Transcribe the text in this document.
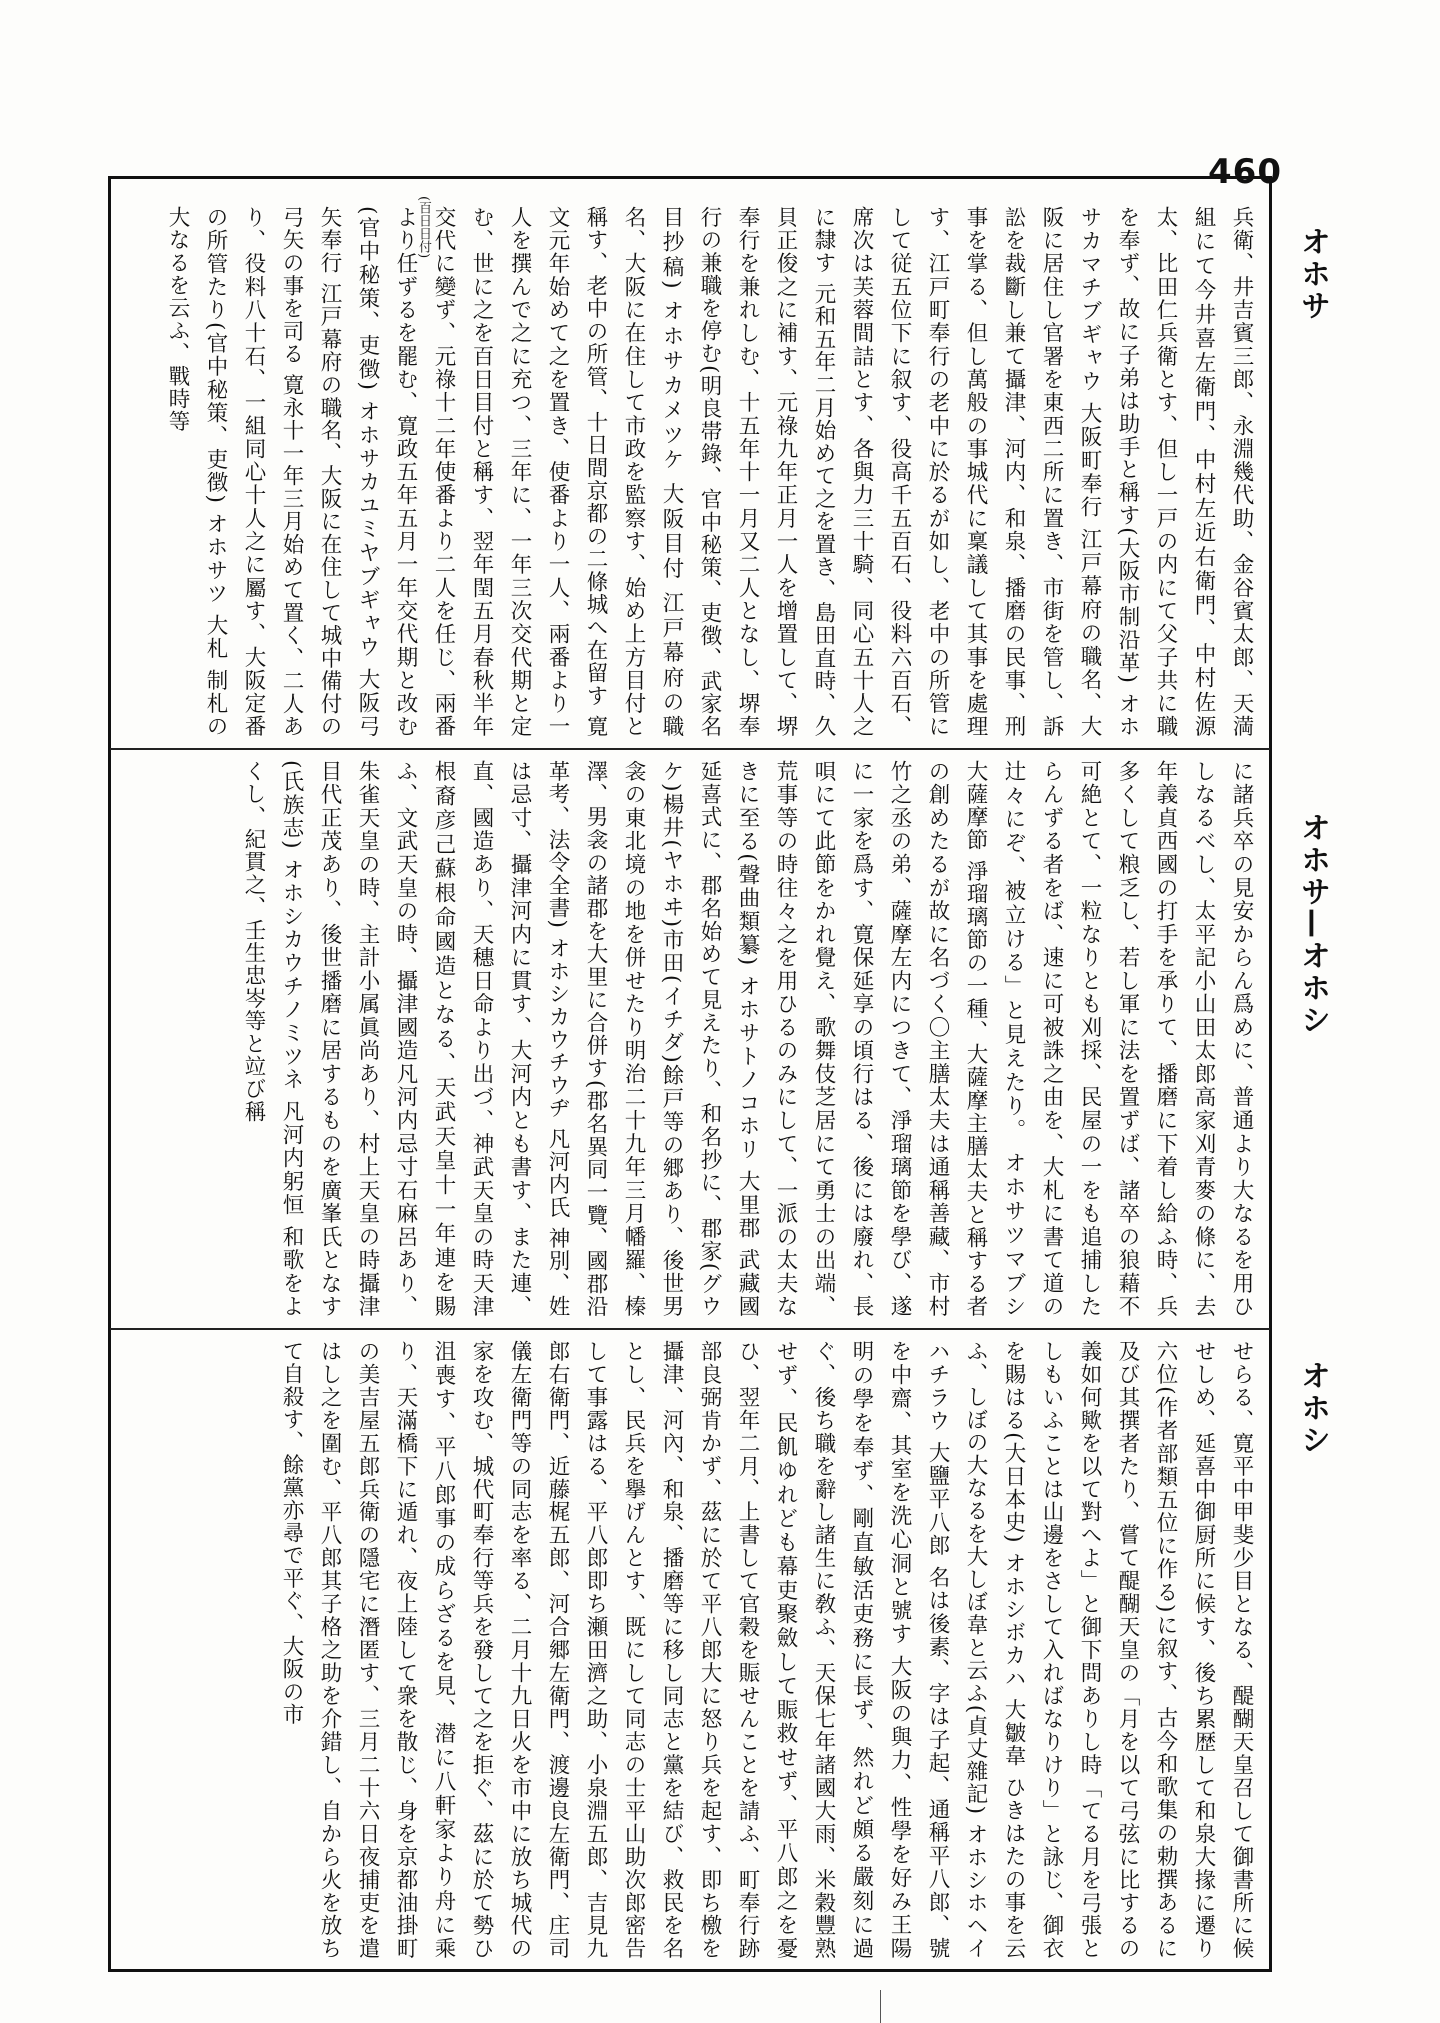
460
(百日日付)	オホサ
オホサ—オホシ
オホシ
兵衛、井吉賓三郎、永淵幾代助、金谷賓太郎、天満組にて今井喜左衛門、中村左近右衛門、中村佐源太、比田仁兵衛とす、但し一戸の内にて父子共に職を奉ず、故に子弟は助手と稱す(大阪市制沿革) オホサカマチブギャウ 大阪町奉行 江戸幕府の職名、大阪に居住し官署を東西二所に置き、市街を管し、訴訟を裁斷し兼て攝津、河内、和泉、播磨の民事、刑事を掌る、但し萬般の事城代に稟議して其事を處理す、江戸町奉行の老中に於るが如し、老中の所管にして従五位下に叙す、役高千五百石、役料六百石、席次は芙蓉間詰とす、各與力三十騎、同心五十人之に隸す 元和五年二月始めて之を置き、島田直時、久貝正俊之に補す、元祿九年正月一人を增置して、堺奉行を兼れしむ、十五年十一月又二人となし、堺奉行の兼職を停む(明良帯錄、官中秘策、吏徴、武家名目抄稿) オホサカメツケ 大阪目付 江戸幕府の職名、大阪に在住して市政を監察す、始め上方目付と稱す、老中の所管、十日間京都の二條城へ在留す 寛文元年始めて之を置き、使番より一人、兩番より一人を撰んで之に充つ、三年に、一年三次交代期と定む、世に之を百日目付と稱す、翌年閏五月春秋半年交代に變ず、元祿十二年使番より二人を任じ、兩番より任ずるを罷む、寛政五年五月一年交代期と改む(官中秘策、吏徴) オホサカユミヤブギャウ 大阪弓矢奉行 江戸幕府の職名、大阪に在住して城中備付の弓矢の事を司る 寛永十一年三月始めて置く、二人あり、役料八十石、一組同心十人之に屬す、大阪定番の所管たり(官中秘策、吏徴) オホサツ 大札 制札の大なるを云ふ、戰時等
に諸兵卒の見安からん爲めに、普通より大なるを用ひしなるべし、太平記小山田太郎高家刈青麥の條に、去年義貞西國の打手を承りて、播磨に下着し給ふ時、兵多くして粮乏し、若し軍に法を置ずば、諸卒の狼藉不可絶とて、一粒なりとも刈採、民屋の一をも追捕したらんずる者をば、速に可被誅之由を、大札に書て道の辻々にぞ、被立ける」と見えたり。 オホサツマブシ 大薩摩節 淨瑠璃節の一種、大薩摩主膳太夫と稱する者の創めたるが故に名づく〇主膳太夫は通稱善藏、市村竹之丞の弟、薩摩左内につきて、淨瑠璃節を學び、遂に一家を爲す、寛保延享の頃行はる、後には廢れ、長唄にて此節をかれ覺え、歌舞伎芝居にて勇士の出端、荒事等の時往々之を用ひるのみにして、一派の太夫なきに至る(聲曲類纂) オホサトノコホリ 大里郡 武藏國 延喜式に、郡名始めて見えたり、和名抄に、郡家(グウケ)楊井(ヤホヰ)市田(イチダ)餘戸等の郷あり、後世男衾の東北境の地を併せたり明治二十九年三月幡羅、榛澤、男衾の諸郡を大里に合併す(郡名異同一覽、國郡沿革考、法令全書) オホシカウチウヂ 凡河内氏 神別、姓は忌寸、攝津河内に貫す、大河内とも書す、また連、直、國造あり、天穗日命より出づ、神武天皇の時天津根裔彦己蘇根命國造となる、天武天皇十一年連を賜ふ、文武天皇の時、攝津國造凡河内忌寸石麻呂あり、朱雀天皇の時、主計小属眞尚あり、村上天皇の時攝津目代正茂あり、後世播磨に居するものを廣峯氏となす(氏族志) オホシカウチノミツネ 凡河内躬恒 和歌をよくし、紀貫之、壬生忠岑等と竝び稱
せらる、寛平中甲斐少目となる、醍醐天皇召して御書所に候せしめ、延喜中御厨所に候す、後ち累歴して和泉大掾に遷り六位(作者部類五位に作る)に叙す、古今和歌集の勅撰あるに及び其撰者たり、嘗て醍醐天皇の「月を以て弓弦に比するの義如何歟を以て對へよ」と御下問ありし時「てる月を弓張としもいふことは山邊をさして入ればなりけり」と詠じ、御衣を賜はる(大日本史) オホシボカハ 大皺韋 ひきはたの事を云ふ、しぼの大なるを大しぼ韋と云ふ(貞丈雜記) オホシホヘイハチラウ 大鹽平八郎 名は後素、字は子起、通稱平八郎、號を中齋、其室を洗心洞と號す 大阪の與力、性學を好み王陽明の學を奉ず、剛直敏活吏務に長ず、然れど頗る嚴刻に過ぐ、後ち職を辭し諸生に敎ふ、天保七年諸國大雨、米穀豐熟せず、民飢ゆれども幕吏聚斂して賑救せず、平八郎之を憂ひ、翌年二月、上書して官穀を賑せんことを請ふ、町奉行跡部良弼肯かず、茲に於て平八郎大に怒り兵を起す、即ち檄を攝津、河內、和泉、播磨等に移し同志と黨を結び、救民を名とし、民兵を擧げんとす、既にして同志の士平山助次郎密告して事露はる、平八郎即ち瀬田濟之助、小泉淵五郎、吉見九郎右衛門、近藤梶五郎、河合郷左衛門、渡邊良左衛門、庄司儀左衛門等の同志を率る、二月十九日火を市中に放ち城代の家を攻む、城代町奉行等兵を發して之を拒ぐ、茲に於て勢ひ沮喪す、平八郎事の成らざるを見、潜に八軒家より舟に乘り、天滿橋下に遁れ、夜上陸して衆を散じ、身を京都油掛町の美吉屋五郎兵衛の隱宅に潛匿す、三月二十六日夜捕吏を遣はし之を圍む、平八郎其子格之助を介錯し、自から火を放ちて自殺す、餘黨亦尋で平ぐ、大阪の市
